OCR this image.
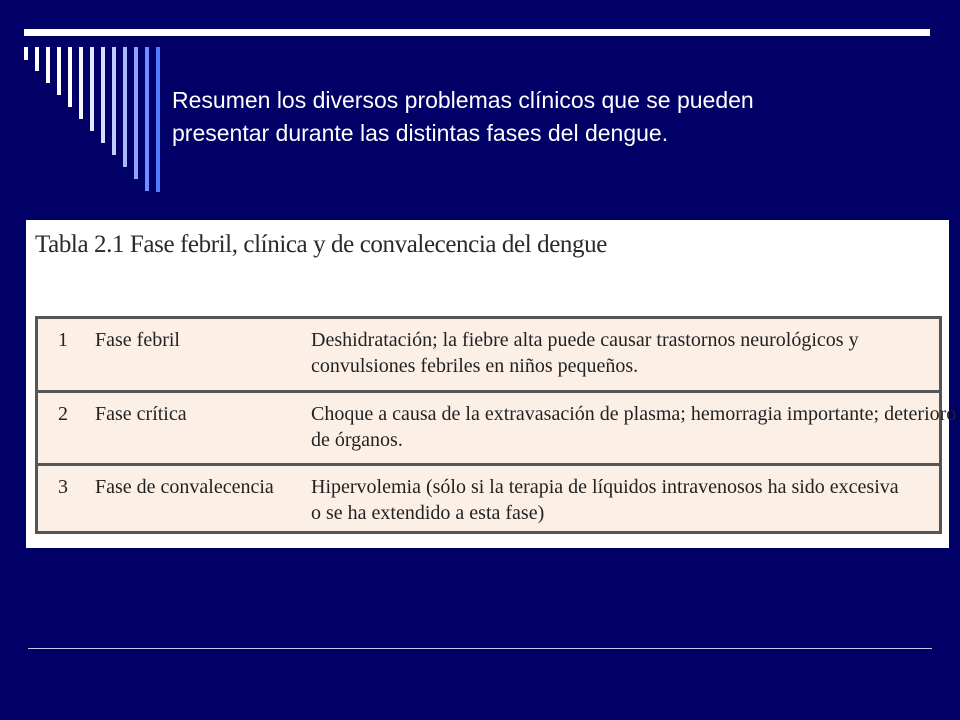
Resumen los diversos problemas clínicos que se pueden
presentar durante las distintas fases del dengue.
Tabla 2.1 Fase febril, clínica y de convalecencia del dengue
1 Fase febril	Deshidratación; la fiebre alta puede causar trastornos neurológicos y
convulsiones febriles en niños pequeños.
2 Fase crítica	Choque a causa de la extravasación de plasma; hemorragia importante; deterioro
de órganos.
3 Fase de convalecencia Hipervolemia (sólo si la terapia de líquidos intravenosos ha sido excesiva
o se ha extendido a esta fase)
